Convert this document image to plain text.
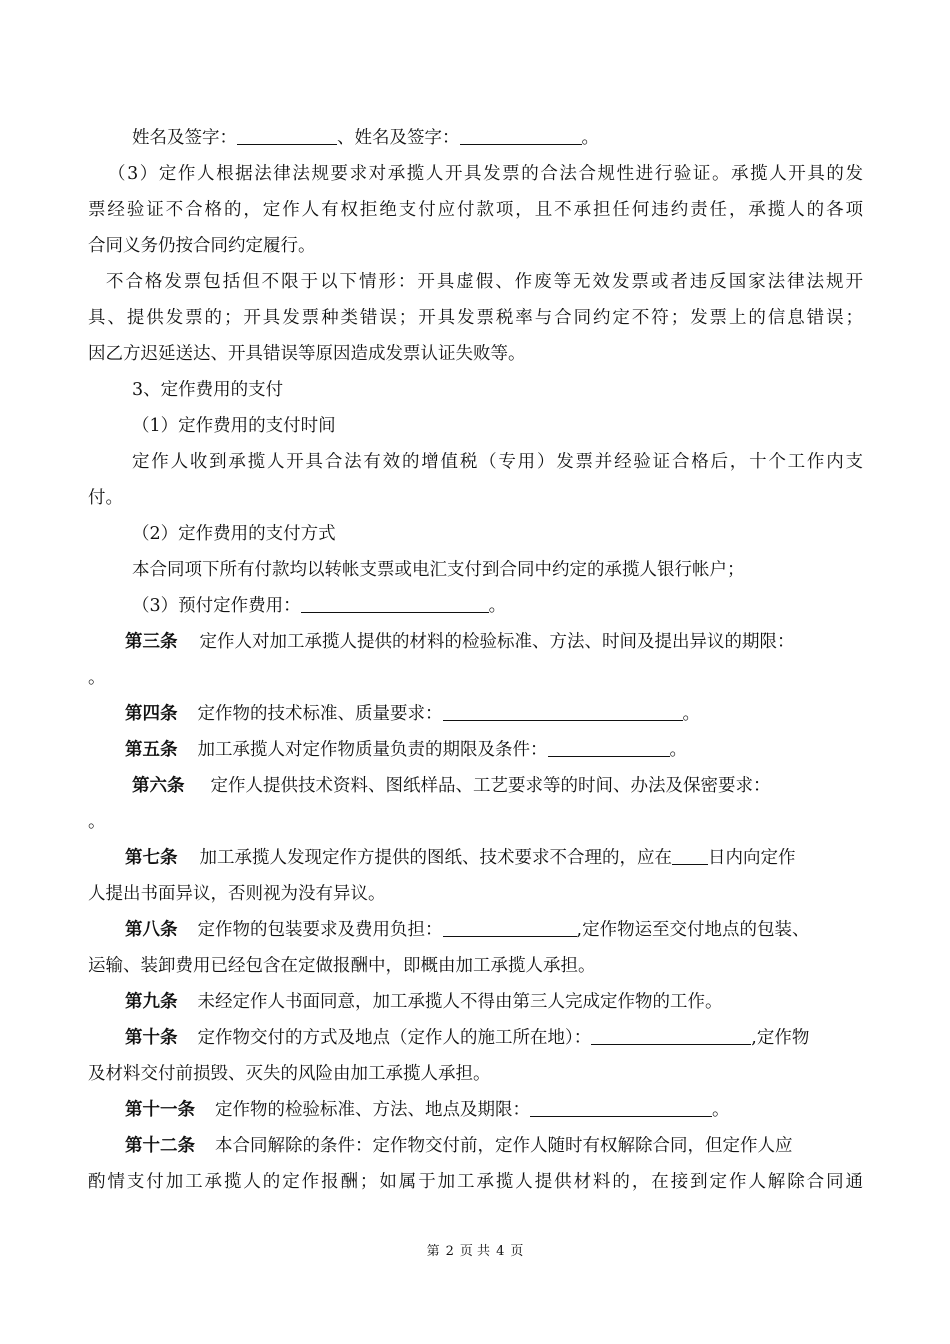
姓名及签字：	、姓名及签字：	。
（3）定作人根据法律法规要求对承揽人开具发票的合法合规性进行验证。承揽人开具的发
票经验证不合格的，定作人有权拒绝支付应付款项，且不承担任何违约责任，承揽人的各项
合同义务仍按合同约定履行。
不合格发票包括但不限于以下情形：开具虚假、作废等无效发票或者违反国家法律法规开
具、提供发票的；开具发票种类错误；开具发票税率与合同约定不符；发票上的信息错误；
因乙方迟延送达、开具错误等原因造成发票认证失败等。
3、定作费用的支付
（1）定作费用的支付时间
定作人收到承揽人开具合法有效的增值税（专用）发票并经验证合格后，十个工作内支
付。
（2）定作费用的支付方式
本合同项下所有付款均以转帐支票或电汇支付到合同中约定的承揽人银行帐户；
（3）预付定作费用：	。
第三条 定作人对加工承揽人提供的材料的检验标准、方法、时间及提出异议的期限：
。
第四条 定作物的技术标准、质量要求：	。
第五条 加工承揽人对定作物质量负责的期限及条件：	。
第六条 定作人提供技术资料、图纸样品、工艺要求等的时间、办法及保密要求：
。
第七条 加工承揽人发现定作方提供的图纸、技术要求不合理的，应在 日内向定作
人提出书面异议，否则视为没有异议。
第八条 定作物的包装要求及费用负担：	,定作物运至交付地点的包装、
运输、装卸费用已经包含在定做报酬中，即概由加工承揽人承担。
第九条 未经定作人书面同意，加工承揽人不得由第三人完成定作物的工作。
第十条 定作物交付的方式及地点（定作人的施工所在地）：	,定作物
及材料交付前损毁、灭失的风险由加工承揽人承担。
第十一条 定作物的检验标准、方法、地点及期限：	。
第十二条 本合同解除的条件：定作物交付前，定作人随时有权解除合同，但定作人应
酌情支付加工承揽人的定作报酬；如属于加工承揽人提供材料的，在接到定作人解除合同通
第 2 页 共 4 页
